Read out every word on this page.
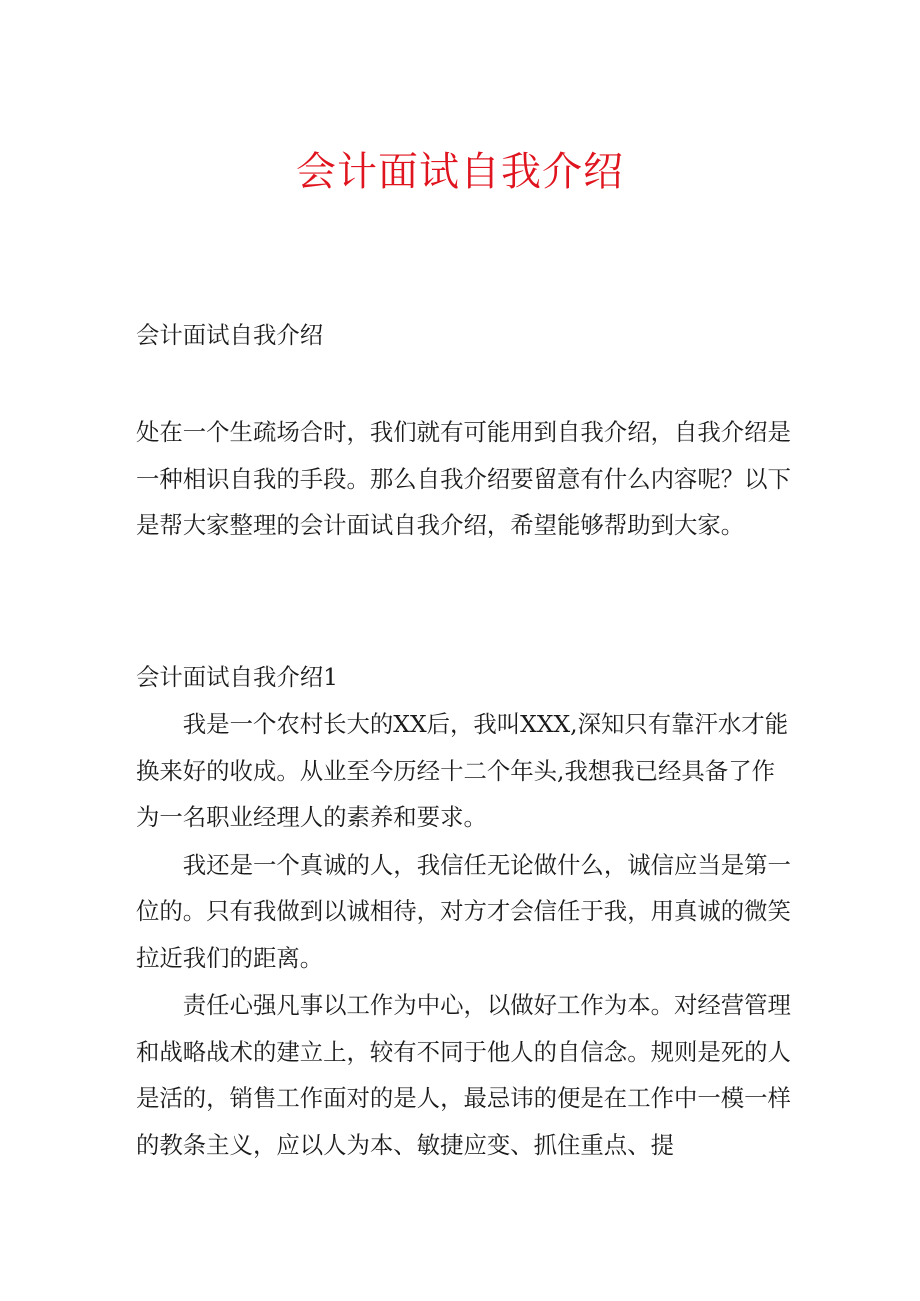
会计面试自我介绍

会计面试自我介绍

处在一个生疏场合时，我们就有可能用到自我介绍，自我介绍是一种相识自我的手段。那么自我介绍要留意有什么内容呢？以下是帮大家整理的会计面试自我介绍，希望能够帮助到大家。

会计面试自我介绍1

我是一个农村长大的XX后，我叫XXX,深知只有靠汗水才能换来好的收成。从业至今历经十二个年头,我想我已经具备了作为一名职业经理人的素养和要求。

我还是一个真诚的人，我信任无论做什么，诚信应当是第一位的。只有我做到以诚相待，对方才会信任于我，用真诚的微笑拉近我们的距离。

责任心强凡事以工作为中心，以做好工作为本。对经营管理和战略战术的建立上，较有不同于他人的自信念。规则是死的人是活的，销售工作面对的是人，最忌讳的便是在工作中一模一样的教条主义，应以人为本、敏捷应变、抓住重点、提
